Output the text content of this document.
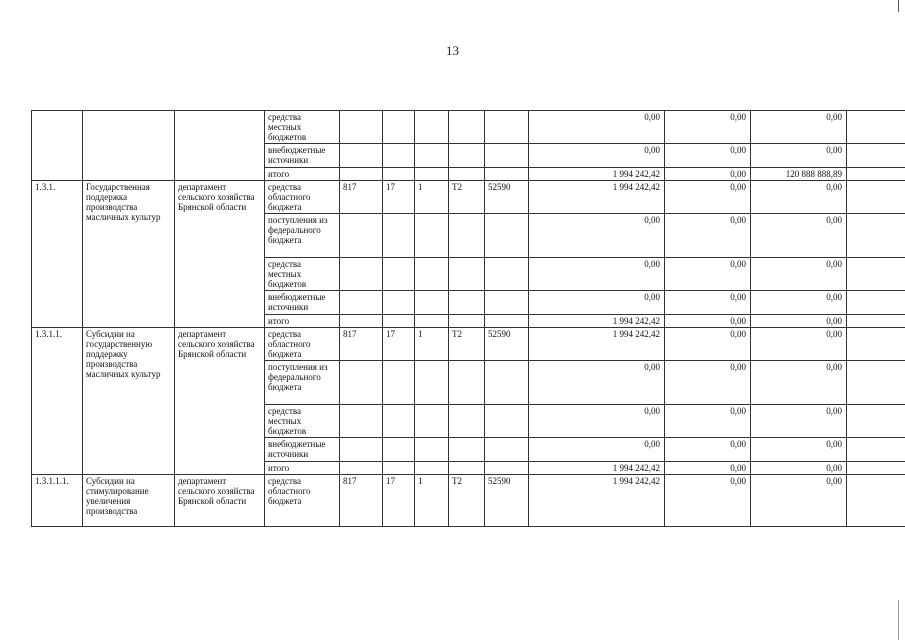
13
			средства местных бюджетов						0,00	0,00	0,00	
			внебюджетные источники						0,00	0,00	0,00	
			итого						1 994 242,42	0,00	120 888 888,89	
1.3.1.	Государственная поддержка производства масличных культур	департамент сельского хозяйства Брянской области	средства областного бюджета	817	17	1	Т2	52590	1 994 242,42	0,00	0,00	
			поступления из федерального бюджета						0,00	0,00	0,00	
			средства местных бюджетов						0,00	0,00	0,00	
			внебюджетные источники						0,00	0,00	0,00	
			итого						1 994 242,42	0,00	0,00	
1.3.1.1.	Субсидии на государственную поддержку производства масличных культур	департамент сельского хозяйства Брянской области	средства областного бюджета	817	17	1	Т2	52590	1 994 242,42	0,00	0,00	
			поступления из федерального бюджета						0,00	0,00	0,00	
			средства местных бюджетов						0,00	0,00	0,00	
			внебюджетные источники						0,00	0,00	0,00	
			итого						1 994 242,42	0,00	0,00	
1.3.1.1.1.	Субсидии на стимулирование увеличения производства	департамент сельского хозяйства Брянской области	средства областного бюджета	817	17	1	Т2	52590	1 994 242,42	0,00	0,00	
